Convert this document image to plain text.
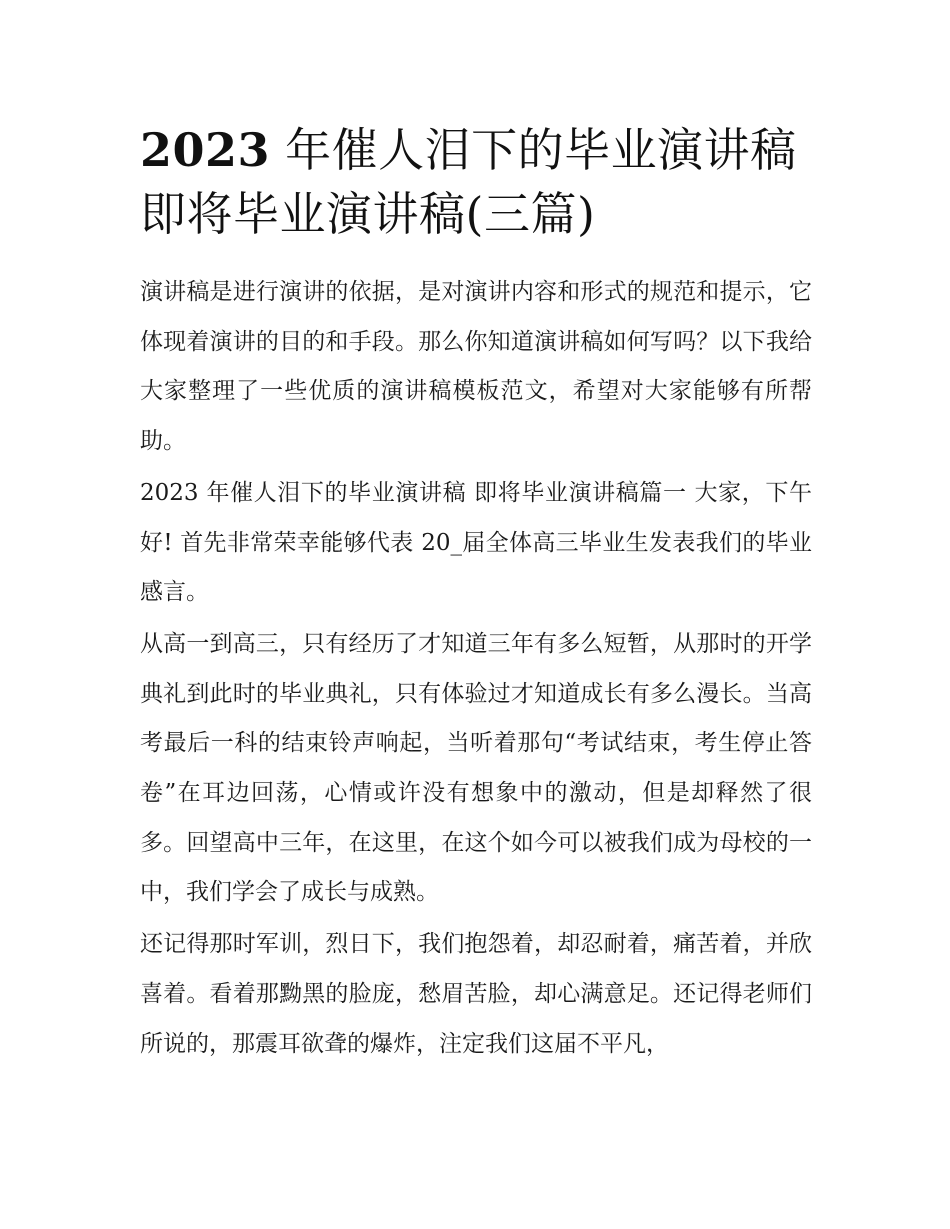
2023 年催人泪下的毕业演讲稿即将毕业演讲稿(三篇)

演讲稿是进行演讲的依据，是对演讲内容和形式的规范和提示，它体现着演讲的目的和手段。那么你知道演讲稿如何写吗？以下我给大家整理了一些优质的演讲稿模板范文，希望对大家能够有所帮助。

2023 年催人泪下的毕业演讲稿 即将毕业演讲稿篇一 大家，下午好! 首先非常荣幸能够代表 20_届全体高三毕业生发表我们的毕业感言。

从高一到高三，只有经历了才知道三年有多么短暂，从那时的开学典礼到此时的毕业典礼，只有体验过才知道成长有多么漫长。当高考最后一科的结束铃声响起，当听着那句“考试结束，考生停止答卷”在耳边回荡，心情或许没有想象中的激动，但是却释然了很多。回望高中三年，在这里，在这个如今可以被我们成为母校的一中，我们学会了成长与成熟。

还记得那时军训，烈日下，我们抱怨着，却忍耐着，痛苦着，并欣喜着。看着那黝黑的脸庞，愁眉苦脸，却心满意足。还记得老师们所说的，那震耳欲聋的爆炸，注定我们这届不平凡，
